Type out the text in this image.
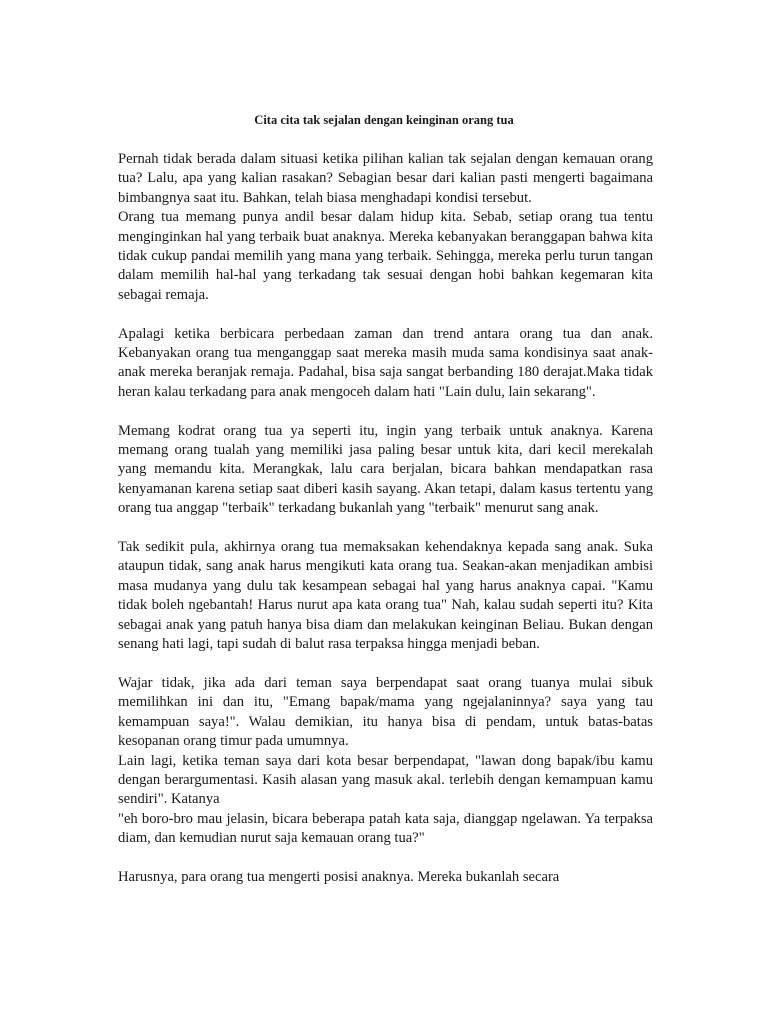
Cita cita tak sejalan dengan keinginan orang tua

Pernah tidak berada dalam situasi ketika pilihan kalian tak sejalan dengan kemauan orang tua? Lalu, apa yang kalian rasakan? Sebagian besar dari kalian pasti mengerti bagaimana bimbangnya saat itu. Bahkan, telah biasa menghadapi kondisi tersebut.

Orang tua memang punya andil besar dalam hidup kita. Sebab, setiap orang tua tentu menginginkan hal yang terbaik buat anaknya. Mereka kebanyakan beranggapan bahwa kita tidak cukup pandai memilih yang mana yang terbaik. Sehingga, mereka perlu turun tangan dalam memilih hal-hal yang terkadang tak sesuai dengan hobi bahkan kegemaran kita sebagai remaja.

Apalagi ketika berbicara perbedaan zaman dan trend antara orang tua dan anak. Kebanyakan orang tua menganggap saat mereka masih muda sama kondisinya saat anak-anak mereka beranjak remaja. Padahal, bisa saja sangat berbanding 180 derajat.Maka tidak heran kalau terkadang para anak mengoceh dalam hati "Lain dulu, lain sekarang".

Memang kodrat orang tua ya seperti itu, ingin yang terbaik untuk anaknya. Karena memang orang tualah yang memiliki jasa paling besar untuk kita, dari kecil merekalah yang memandu kita. Merangkak, lalu cara berjalan, bicara bahkan mendapatkan rasa kenyamanan karena setiap saat diberi kasih sayang. Akan tetapi, dalam kasus tertentu yang orang tua anggap "terbaik" terkadang bukanlah yang "terbaik" menurut sang anak.

Tak sedikit pula, akhirnya orang tua memaksakan kehendaknya kepada sang anak. Suka ataupun tidak, sang anak harus mengikuti kata orang tua. Seakan-akan menjadikan ambisi masa mudanya yang dulu tak kesampean sebagai hal yang harus anaknya capai. "Kamu tidak boleh ngebantah! Harus nurut apa kata orang tua" Nah, kalau sudah seperti itu? Kita sebagai anak yang patuh hanya bisa diam dan melakukan keinginan Beliau. Bukan dengan senang hati lagi, tapi sudah di balut rasa terpaksa hingga menjadi beban.

Wajar tidak, jika ada dari teman saya berpendapat saat orang tuanya mulai sibuk memilihkan ini dan itu, "Emang bapak/mama yang ngejalaninnya? saya yang tau kemampuan saya!". Walau demikian, itu hanya bisa di pendam, untuk batas-batas kesopanan orang timur pada umumnya.

Lain lagi, ketika teman saya dari kota besar berpendapat, "lawan dong bapak/ibu kamu dengan berargumentasi. Kasih alasan yang masuk akal. terlebih dengan kemampuan kamu sendiri". Katanya

"eh boro-bro mau jelasin, bicara beberapa patah kata saja, dianggap ngelawan. Ya terpaksa diam, dan kemudian nurut saja kemauan orang tua?"

Harusnya, para orang tua mengerti posisi anaknya. Mereka bukanlah secara
